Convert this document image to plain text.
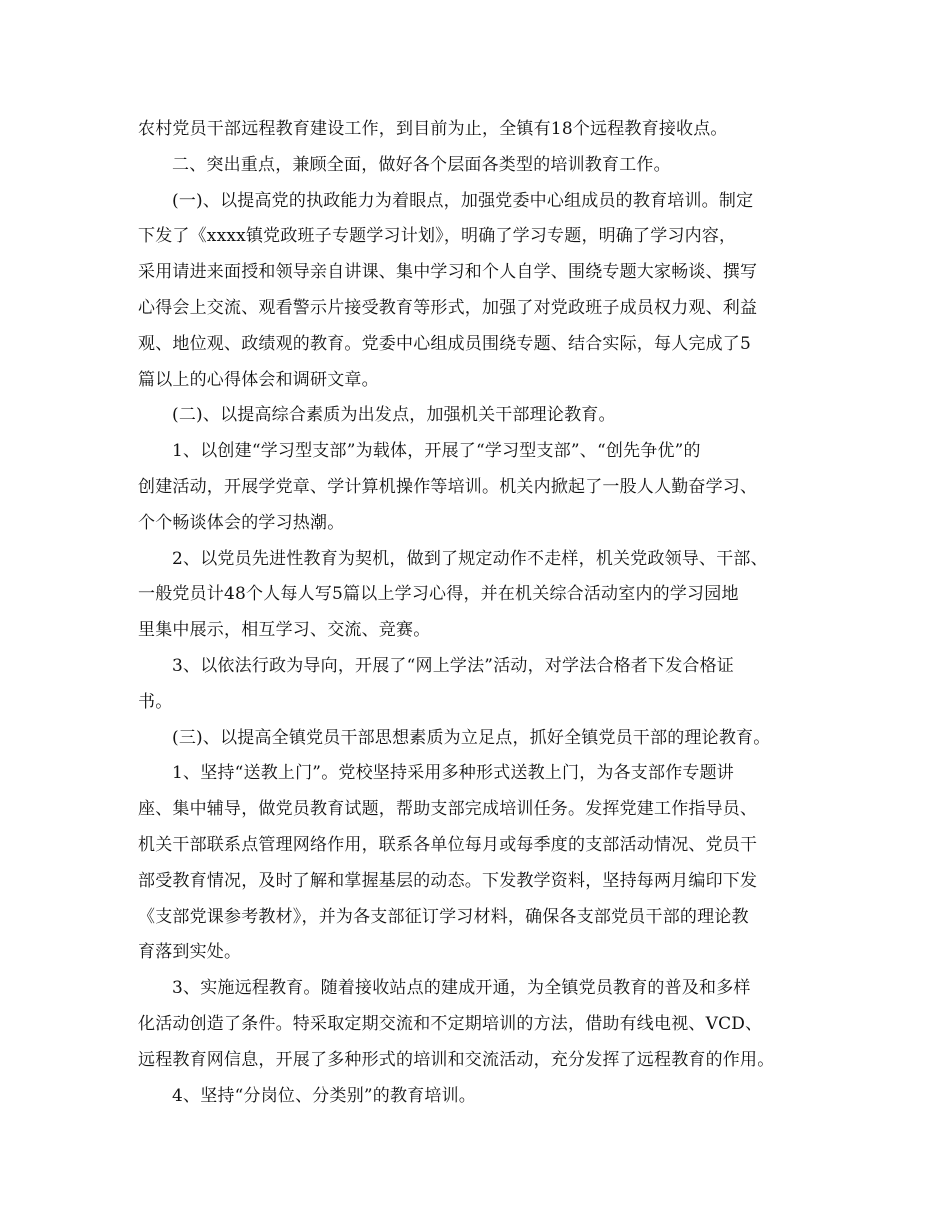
农村党员干部远程教育建设工作，到目前为止，全镇有18个远程教育接收点。
二、突出重点，兼顾全面，做好各个层面各类型的培训教育工作。
(一)、以提高党的执政能力为着眼点，加强党委中心组成员的教育培训。制定
下发了《xxxx镇党政班子专题学习计划》，明确了学习专题，明确了学习内容，
采用请进来面授和领导亲自讲课、集中学习和个人自学、围绕专题大家畅谈、撰写
心得会上交流、观看警示片接受教育等形式，加强了对党政班子成员权力观、利益
观、地位观、政绩观的教育。党委中心组成员围绕专题、结合实际，每人完成了5
篇以上的心得体会和调研文章。
(二)、以提高综合素质为出发点，加强机关干部理论教育。
1、以创建“学习型支部”为载体，开展了“学习型支部”、“创先争优”的
创建活动，开展学党章、学计算机操作等培训。机关内掀起了一股人人勤奋学习、
个个畅谈体会的学习热潮。
2、以党员先进性教育为契机，做到了规定动作不走样，机关党政领导、干部、
一般党员计48个人每人写5篇以上学习心得，并在机关综合活动室内的学习园地
里集中展示，相互学习、交流、竞赛。
3、以依法行政为导向，开展了“网上学法”活动，对学法合格者下发合格证
书。
(三)、以提高全镇党员干部思想素质为立足点，抓好全镇党员干部的理论教育。
1、坚持“送教上门”。党校坚持采用多种形式送教上门，为各支部作专题讲
座、集中辅导，做党员教育试题，帮助支部完成培训任务。发挥党建工作指导员、
机关干部联系点管理网络作用，联系各单位每月或每季度的支部活动情况、党员干
部受教育情况，及时了解和掌握基层的动态。下发教学资料，坚持每两月编印下发
《支部党课参考教材》，并为各支部征订学习材料，确保各支部党员干部的理论教
育落到实处。
3、实施远程教育。随着接收站点的建成开通，为全镇党员教育的普及和多样
化活动创造了条件。特采取定期交流和不定期培训的方法，借助有线电视、VCD、
远程教育网信息，开展了多种形式的培训和交流活动，充分发挥了远程教育的作用。
4、坚持“分岗位、分类别”的教育培训。
